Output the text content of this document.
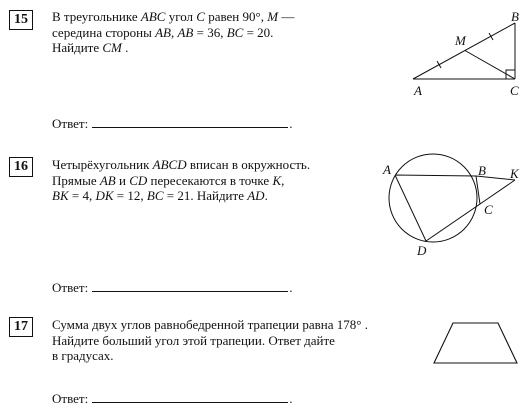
15	В треугольнике ABC угол C равен 90°, M —
середина стороны AB, AB = 36, BC = 20.
Найдите CM .
Ответ:	.
A
B
C
M
16	Четырёхугольник ABCD вписан в окружность.
Прямые AB и CD пересекаются в точке K,
BK = 4, DK = 12, BC = 21. Найдите AD.
Ответ:	.
A	B
C
D
K
17	Сумма двух углов равнобедренной трапеции равна 178° .
Найдите больший угол этой трапеции. Ответ дайте
в градусах.
Ответ:	.
